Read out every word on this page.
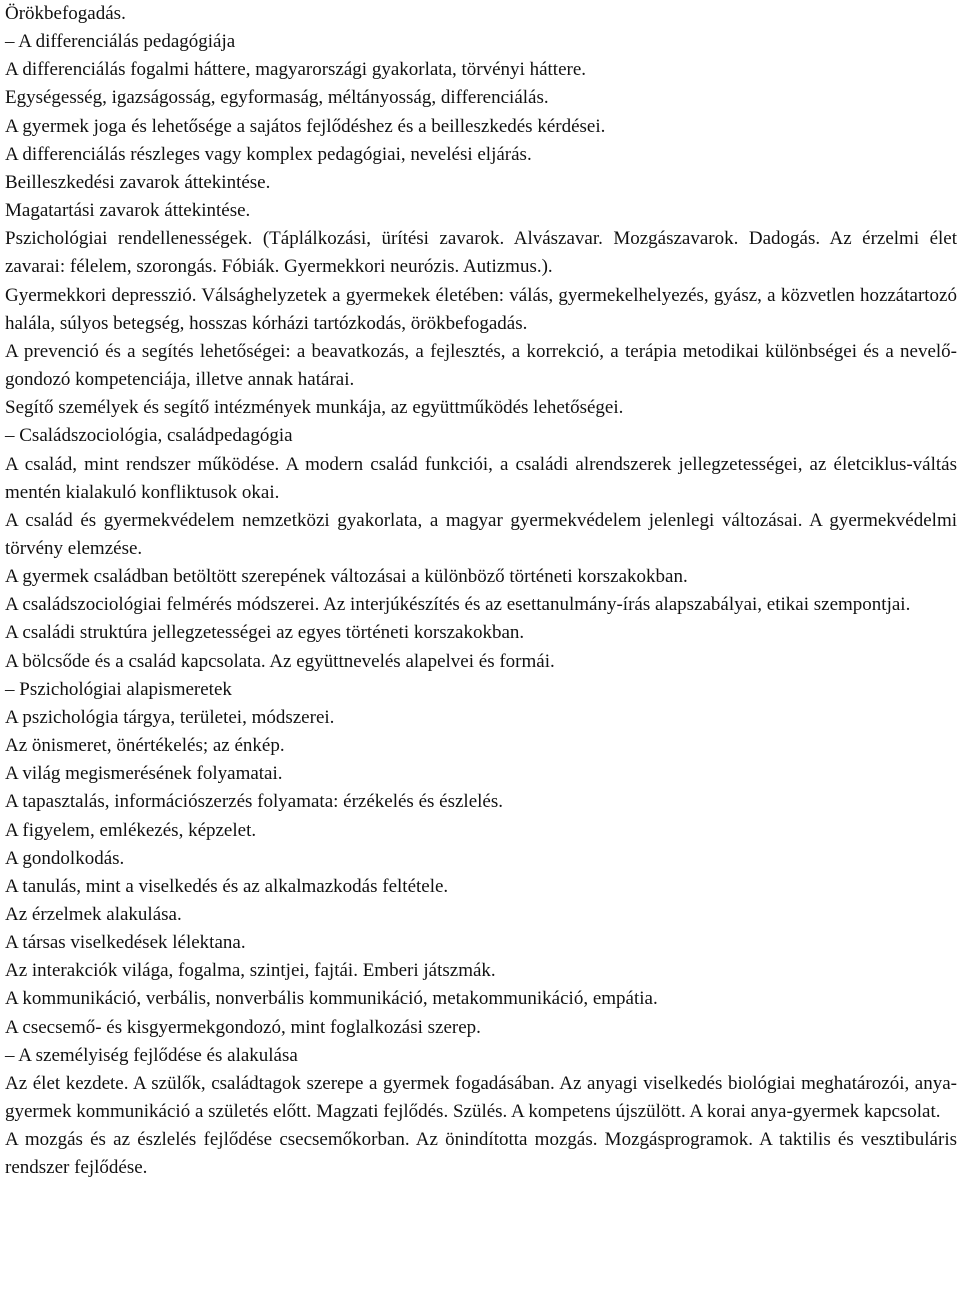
Örökbefogadás.

– A differenciálás pedagógiája

A differenciálás fogalmi háttere, magyarországi gyakorlata, törvényi háttere.

Egységesség, igazságosság, egyformaság, méltányosság, differenciálás.

A gyermek joga és lehetősége a sajátos fejlődéshez és a beilleszkedés kérdései.

A differenciálás részleges vagy komplex pedagógiai, nevelési eljárás.

Beilleszkedési zavarok áttekintése.

Magatartási zavarok áttekintése.

Pszichológiai rendellenességek. (Táplálkozási, ürítési zavarok. Alvászavar. Mozgászavarok. Dadogás. Az érzelmi élet zavarai: félelem, szorongás. Fóbiák. Gyermekkori neurózis. Autizmus.).

Gyermekkori depresszió. Válsághelyzetek a gyermekek életében: válás, gyermekelhelyezés, gyász, a közvetlen hozzátartozó halála, súlyos betegség, hosszas kórházi tartózkodás, örökbefogadás.

A prevenció és a segítés lehetőségei: a beavatkozás, a fejlesztés, a korrekció, a terápia metodikai különbségei és a nevelő-gondozó kompetenciája, illetve annak határai.

Segítő személyek és segítő intézmények munkája, az együttműködés lehetőségei.

– Családszociológia, családpedagógia

A család, mint rendszer működése. A modern család funkciói, a családi alrendszerek jellegzetességei, az életciklus-váltás mentén kialakuló konfliktusok okai.

A család és gyermekvédelem nemzetközi gyakorlata, a magyar gyermekvédelem jelenlegi változásai. A gyermekvédelmi törvény elemzése.

A gyermek családban betöltött szerepének változásai a különböző történeti korszakokban.

A családszociológiai felmérés módszerei. Az interjúkészítés és az esettanulmány-írás alapszabályai, etikai szempontjai.

A családi struktúra jellegzetességei az egyes történeti korszakokban.

A bölcsőde és a család kapcsolata. Az együttnevelés alapelvei és formái.

– Pszichológiai alapismeretek

A pszichológia tárgya, területei, módszerei.

Az önismeret, önértékelés; az énkép.

A világ megismerésének folyamatai.

A tapasztalás, információszerzés folyamata: érzékelés és észlelés.

A figyelem, emlékezés, képzelet.

A gondolkodás.

A tanulás, mint a viselkedés és az alkalmazkodás feltétele.

Az érzelmek alakulása.

A társas viselkedések lélektana.

Az interakciók világa, fogalma, szintjei, fajtái. Emberi játszmák.

A kommunikáció, verbális, nonverbális kommunikáció, metakommunikáció, empátia.

A csecsemő- és kisgyermekgondozó, mint foglalkozási szerep.

– A személyiség fejlődése és alakulása

Az élet kezdete. A szülők, családtagok szerepe a gyermek fogadásában. Az anyagi viselkedés biológiai meghatározói, anya-gyermek kommunikáció a születés előtt. Magzati fejlődés. Szülés. A kompetens újszülött. A korai anya-gyermek kapcsolat.

A mozgás és az észlelés fejlődése csecsemőkorban. Az önindította mozgás. Mozgásprogramok. A taktilis és vesztibuláris rendszer fejlődése.
